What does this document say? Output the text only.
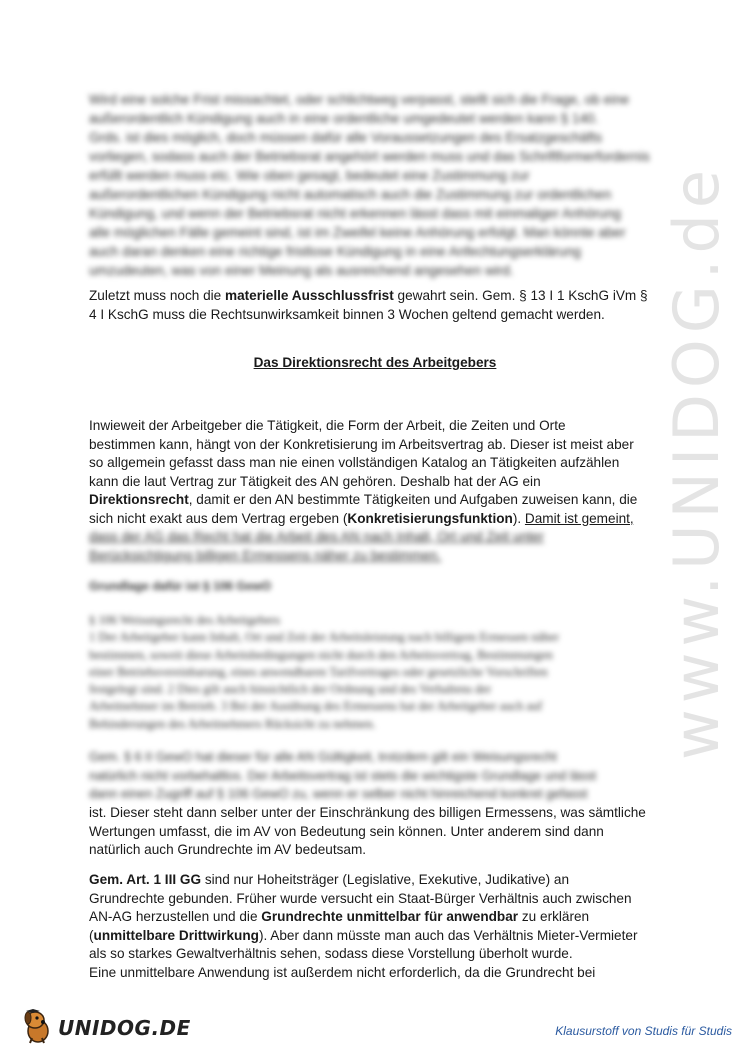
www.UNIDOG.de
Wird eine solche Frist missachtet, oder schlichtweg verpasst, stellt sich die Frage, ob eine
außerordentlich Kündigung auch in eine ordentliche umgedeutet werden kann § 140.
Grds. ist dies möglich, doch müssen dafür alle Voraussetzungen des Ersatzgeschäfts
vorliegen, sodass auch der Betriebsrat angehört werden muss und das Schriftformerfordernis
erfüllt werden muss etc. Wie oben gesagt, bedeutet eine Zustimmung zur
außerordentlichen Kündigung nicht automatisch auch die Zustimmung zur ordentlichen
Kündigung, und wenn der Betriebsrat nicht erkennen lässt dass mit einmaliger Anhörung
alle möglichen Fälle gemeint sind, ist im Zweifel keine Anhörung erfolgt. Man könnte aber
auch daran denken eine richtige fristlose Kündigung in eine Anfechtungserklärung
umzudeuten, was von einer Meinung als ausreichend angesehen wird.
Zuletzt muss noch die materielle Ausschlussfrist gewahrt sein. Gem. § 13 I 1 KschG iVm §
4 I KschG muss die Rechtsunwirksamkeit binnen 3 Wochen geltend gemacht werden.
Das Direktionsrecht des Arbeitgebers
Inwieweit der Arbeitgeber die Tätigkeit, die Form der Arbeit, die Zeiten und Orte
bestimmen kann, hängt von der Konkretisierung im Arbeitsvertrag ab. Dieser ist meist aber
so allgemein gefasst dass man nie einen vollständigen Katalog an Tätigkeiten aufzählen
kann die laut Vertrag zur Tätigkeit des AN gehören. Deshalb hat der AG ein
Direktionsrecht, damit er den AN bestimmte Tätigkeiten und Aufgaben zuweisen kann, die
sich nicht exakt aus dem Vertrag ergeben (Konkretisierungsfunktion). Damit ist gemeint,
dass der AG das Recht hat die Arbeit des AN nach Inhalt, Ort und Zeit unter
Berücksichtigung billigen Ermessens näher zu bestimmen.
Grundlage dafür ist § 106 GewO
§ 106 Weisungsrecht des Arbeitgebers
1 Der Arbeitgeber kann Inhalt, Ort und Zeit der Arbeitsleistung nach billigem Ermessen näher
bestimmen, soweit diese Arbeitsbedingungen nicht durch den Arbeitsvertrag, Bestimmungen
einer Betriebsvereinbarung, eines anwendbaren Tarifvertrages oder gesetzliche Vorschriften
festgelegt sind. 2 Dies gilt auch hinsichtlich der Ordnung und des Verhaltens der
Arbeitnehmer im Betrieb. 3 Bei der Ausübung des Ermessens hat der Arbeitgeber auch auf
Behinderungen des Arbeitnehmers Rücksicht zu nehmen.
Gem. § 6 II GewO hat dieser für alle AN Gültigkeit, trotzdem gilt ein Weisungsrecht
natürlich nicht vorbehaltlos. Der Arbeitsvertrag ist stets die wichtigste Grundlage und lässt
dann einen Zugriff auf § 106 GewO zu, wenn er selber nicht hinreichend konkret gefasst
ist. Dieser steht dann selber unter der Einschränkung des billigen Ermessens, was sämtliche
Wertungen umfasst, die im AV von Bedeutung sein können. Unter anderem sind dann
natürlich auch Grundrechte im AV bedeutsam.
Gem. Art. 1 III GG sind nur Hoheitsträger (Legislative, Exekutive, Judikative) an
Grundrechte gebunden. Früher wurde versucht ein Staat-Bürger Verhältnis auch zwischen
AN-AG herzustellen und die Grundrechte unmittelbar für anwendbar zu erklären
(unmittelbare Drittwirkung). Aber dann müsste man auch das Verhältnis Mieter-Vermieter
als so starkes Gewaltverhältnis sehen, sodass diese Vorstellung überholt wurde.
Eine unmittelbare Anwendung ist außerdem nicht erforderlich, da die Grundrecht bei
UNIDOG.DE	Klausurstoff von Studis für Studis
